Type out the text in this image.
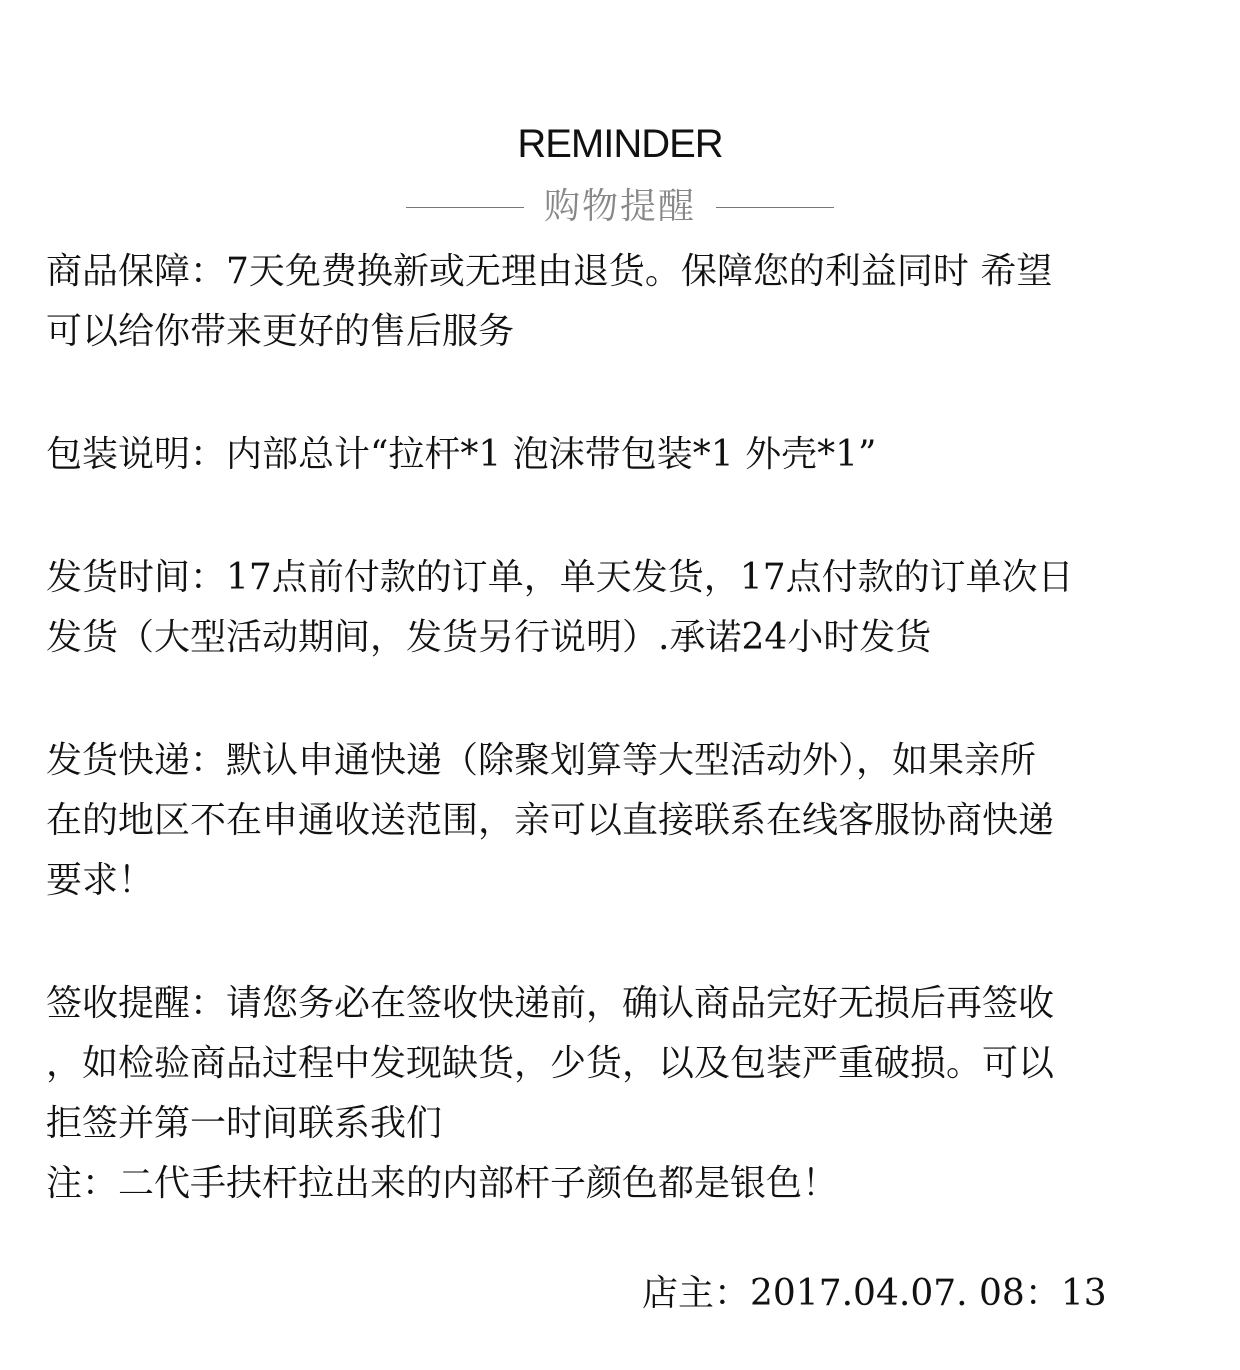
REMINDER
购物提醒

商品保障：7天免费换新或无理由退货。保障您的利益同时 希望

可以给你带来更好的售后服务

包装说明：内部总计“拉杆*1 泡沫带包装*1 外壳*1”

发货时间：17点前付款的订单，单天发货，17点付款的订单次日

发货（大型活动期间，发货另行说明）.承诺24小时发货

发货快递：默认申通快递（除聚划算等大型活动外），如果亲所

在的地区不在申通收送范围，亲可以直接联系在线客服协商快递

要求！

签收提醒：请您务必在签收快递前，确认商品完好无损后再签收

，如检验商品过程中发现缺货，少货，以及包装严重破损。可以

拒签并第一时间联系我们

注：二代手扶杆拉出来的内部杆子颜色都是银色！

店主：2017.04.07. 08：13
